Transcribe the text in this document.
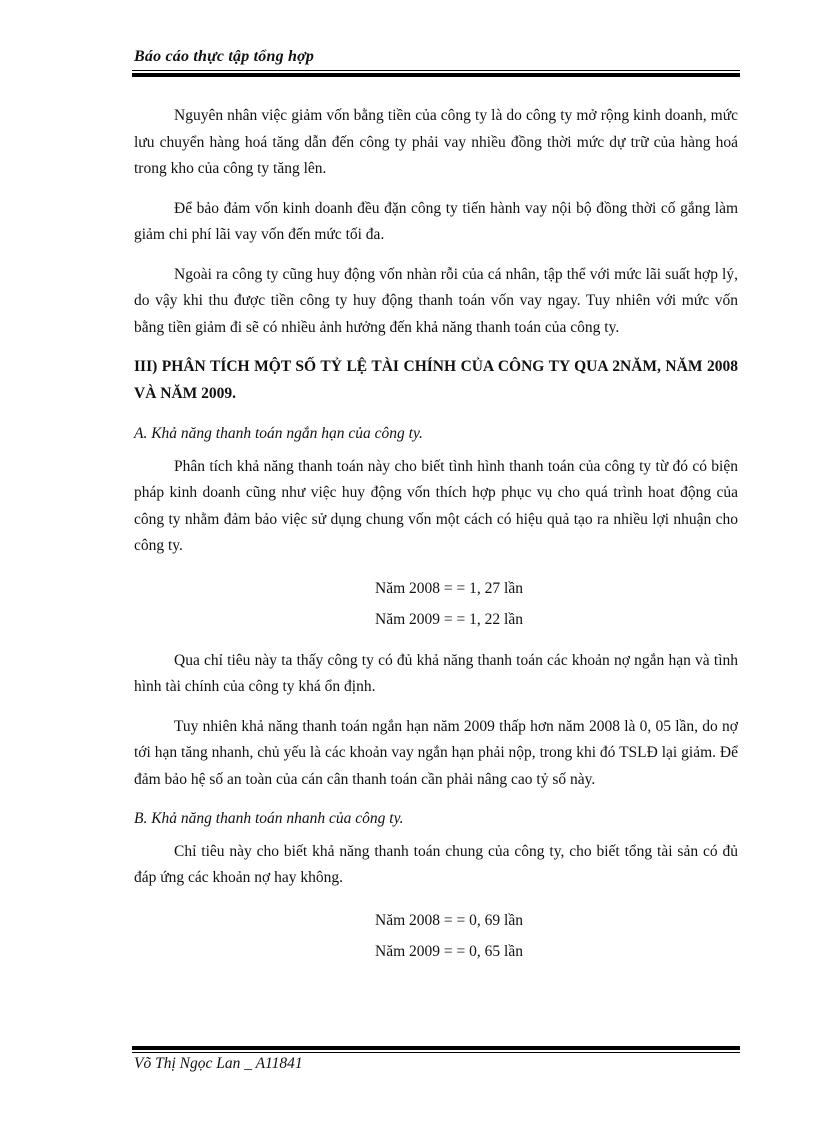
Báo cáo thực tập tổng hợp

Nguyên nhân việc giảm vốn bằng tiền của công ty là do công ty mở rộng kinh doanh, mức lưu chuyển hàng hoá tăng dẫn đến công ty phải vay nhiều đồng thời mức dự trữ của hàng hoá trong kho của công ty tăng lên.

Để bảo đảm vốn kinh doanh đều đặn công ty tiến hành vay nội bộ đồng thời cố gắng làm giảm chi phí lãi vay vốn đến mức tối đa.

Ngoài ra công ty cũng huy động vốn nhàn rỗi của cá nhân, tập thể với mức lãi suất hợp lý, do vậy khi thu được tiền công ty huy động thanh toán vốn vay ngay. Tuy nhiên với mức vốn bằng tiền giảm đi sẽ có nhiều ảnh hưởng đến khả năng thanh toán của công ty.

III) PHÂN TÍCH MỘT SỐ TỶ LỆ TÀI CHÍNH CỦA CÔNG TY QUA 2NĂM, NĂM 2008 VÀ NĂM 2009.
A. Khả năng thanh toán ngắn hạn của công ty.

Phân tích khả năng thanh toán này cho biết tình hình thanh toán của công ty từ đó có biện pháp kinh doanh cũng như việc huy động vốn thích hợp phục vụ cho quá trình hoat động của công ty nhằm đảm bảo việc sử dụng chung vốn một cách có hiệu quả tạo ra nhiều lợi nhuận cho công ty.

Năm 2008 = = 1, 27 lần

Năm 2009 = = 1, 22 lần

Qua chỉ tiêu này ta thấy công ty có đủ khả năng thanh toán các khoản nợ ngắn hạn và tình hình tài chính của công ty khá ổn định.

Tuy nhiên khả năng thanh toán ngắn hạn năm 2009 thấp hơn năm 2008 là 0, 05 lần, do nợ tới hạn tăng nhanh, chủ yếu là các khoản vay ngắn hạn phải nộp, trong khi đó TSLĐ lại giảm. Để đảm bảo hệ số an toàn của cán cân thanh toán cần phải nâng cao tỷ số này.

B. Khả năng thanh toán nhanh của công ty.

Chỉ tiêu này cho biết khả năng thanh toán chung của công ty, cho biết tổng tài sản có đủ đáp ứng các khoản nợ hay không.

Năm 2008 = = 0, 69 lần

Năm 2009 = = 0, 65 lần

Võ Thị Ngọc Lan _ A11841
